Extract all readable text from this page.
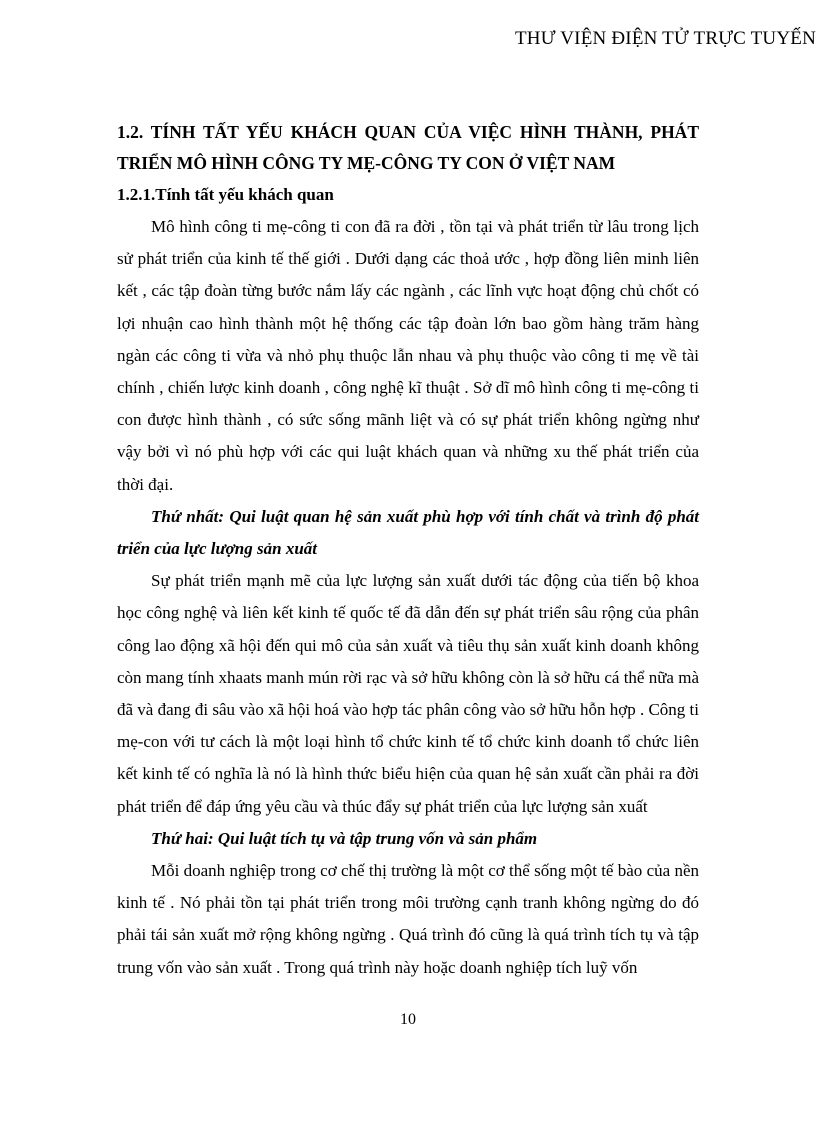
THƯ VIỆN ĐIỆN TỬ TRỰC TUYẾN
1.2. TÍNH TẤT YẾU KHÁCH QUAN CỦA VIỆC HÌNH THÀNH, PHÁT
TRIỂN MÔ HÌNH CÔNG TY MẸ-CÔNG TY CON Ở VIỆT NAM
1.2.1.Tính tất yếu khách quan

Mô hình công ti mẹ-công ti con đã ra đời , tồn tại và phát triển từ lâu trong lịch sử phát triển của kinh tế thế giới . Dưới dạng các thoả ước , hợp đồng liên minh liên kết , các tập đoàn từng bước nắm lấy các ngành , các lĩnh vực hoạt động chủ chốt có lợi nhuận cao hình thành một hệ thống các tập đoàn lớn bao gồm hàng trăm hàng ngàn các công ti vừa và nhỏ phụ thuộc lẫn nhau và phụ thuộc vào công ti mẹ về tài chính , chiến lược kinh doanh , công nghệ kĩ thuật . Sở dĩ mô hình công ti mẹ-công ti con được hình thành , có sức sống mãnh liệt và có sự phát triển không ngừng như vậy bởi vì nó phù hợp với các qui luật khách quan và những xu thế phát triển của thời đại.

Thứ nhất: Qui luật quan hệ sản xuất phù hợp với tính chất và trình độ phát triển của lực lượng sản xuất

Sự phát triển mạnh mẽ của lực lượng sản xuất dưới tác động của tiến bộ khoa học công nghệ và liên kết kinh tế quốc tế đã dẫn đến sự phát triển sâu rộng của phân công lao động xã hội đến qui mô của sản xuất và tiêu thụ sản xuất kinh doanh không còn mang tính xhaats manh mún rời rạc và sở hữu không còn là sở hữu cá thể nữa mà đã và đang đi sâu vào xã hội hoá vào hợp tác phân công vào sở hữu hỗn hợp . Công ti mẹ-con với tư cách là một loại hình tổ chức kinh tế tổ chức kinh doanh tổ chức liên kết kinh tế có nghĩa là nó là hình thức biểu hiện của quan hệ sản xuất cần phải ra đời phát triển để đáp ứng yêu cầu và thúc đẩy sự phát triển của lực lượng sản xuất

Thứ hai: Qui luật tích tụ và tập trung vốn và sản phẩm

Mỗi doanh nghiệp trong cơ chế thị trường là một cơ thể sống một tế bào của nền kinh tế . Nó phải tồn tại phát triển trong môi trường cạnh tranh không ngừng do đó phải tái sản xuất mở rộng không ngừng . Quá trình đó cũng là quá trình tích tụ và tập trung vốn vào sản xuất . Trong quá trình này hoặc doanh nghiệp tích luỹ vốn

10
